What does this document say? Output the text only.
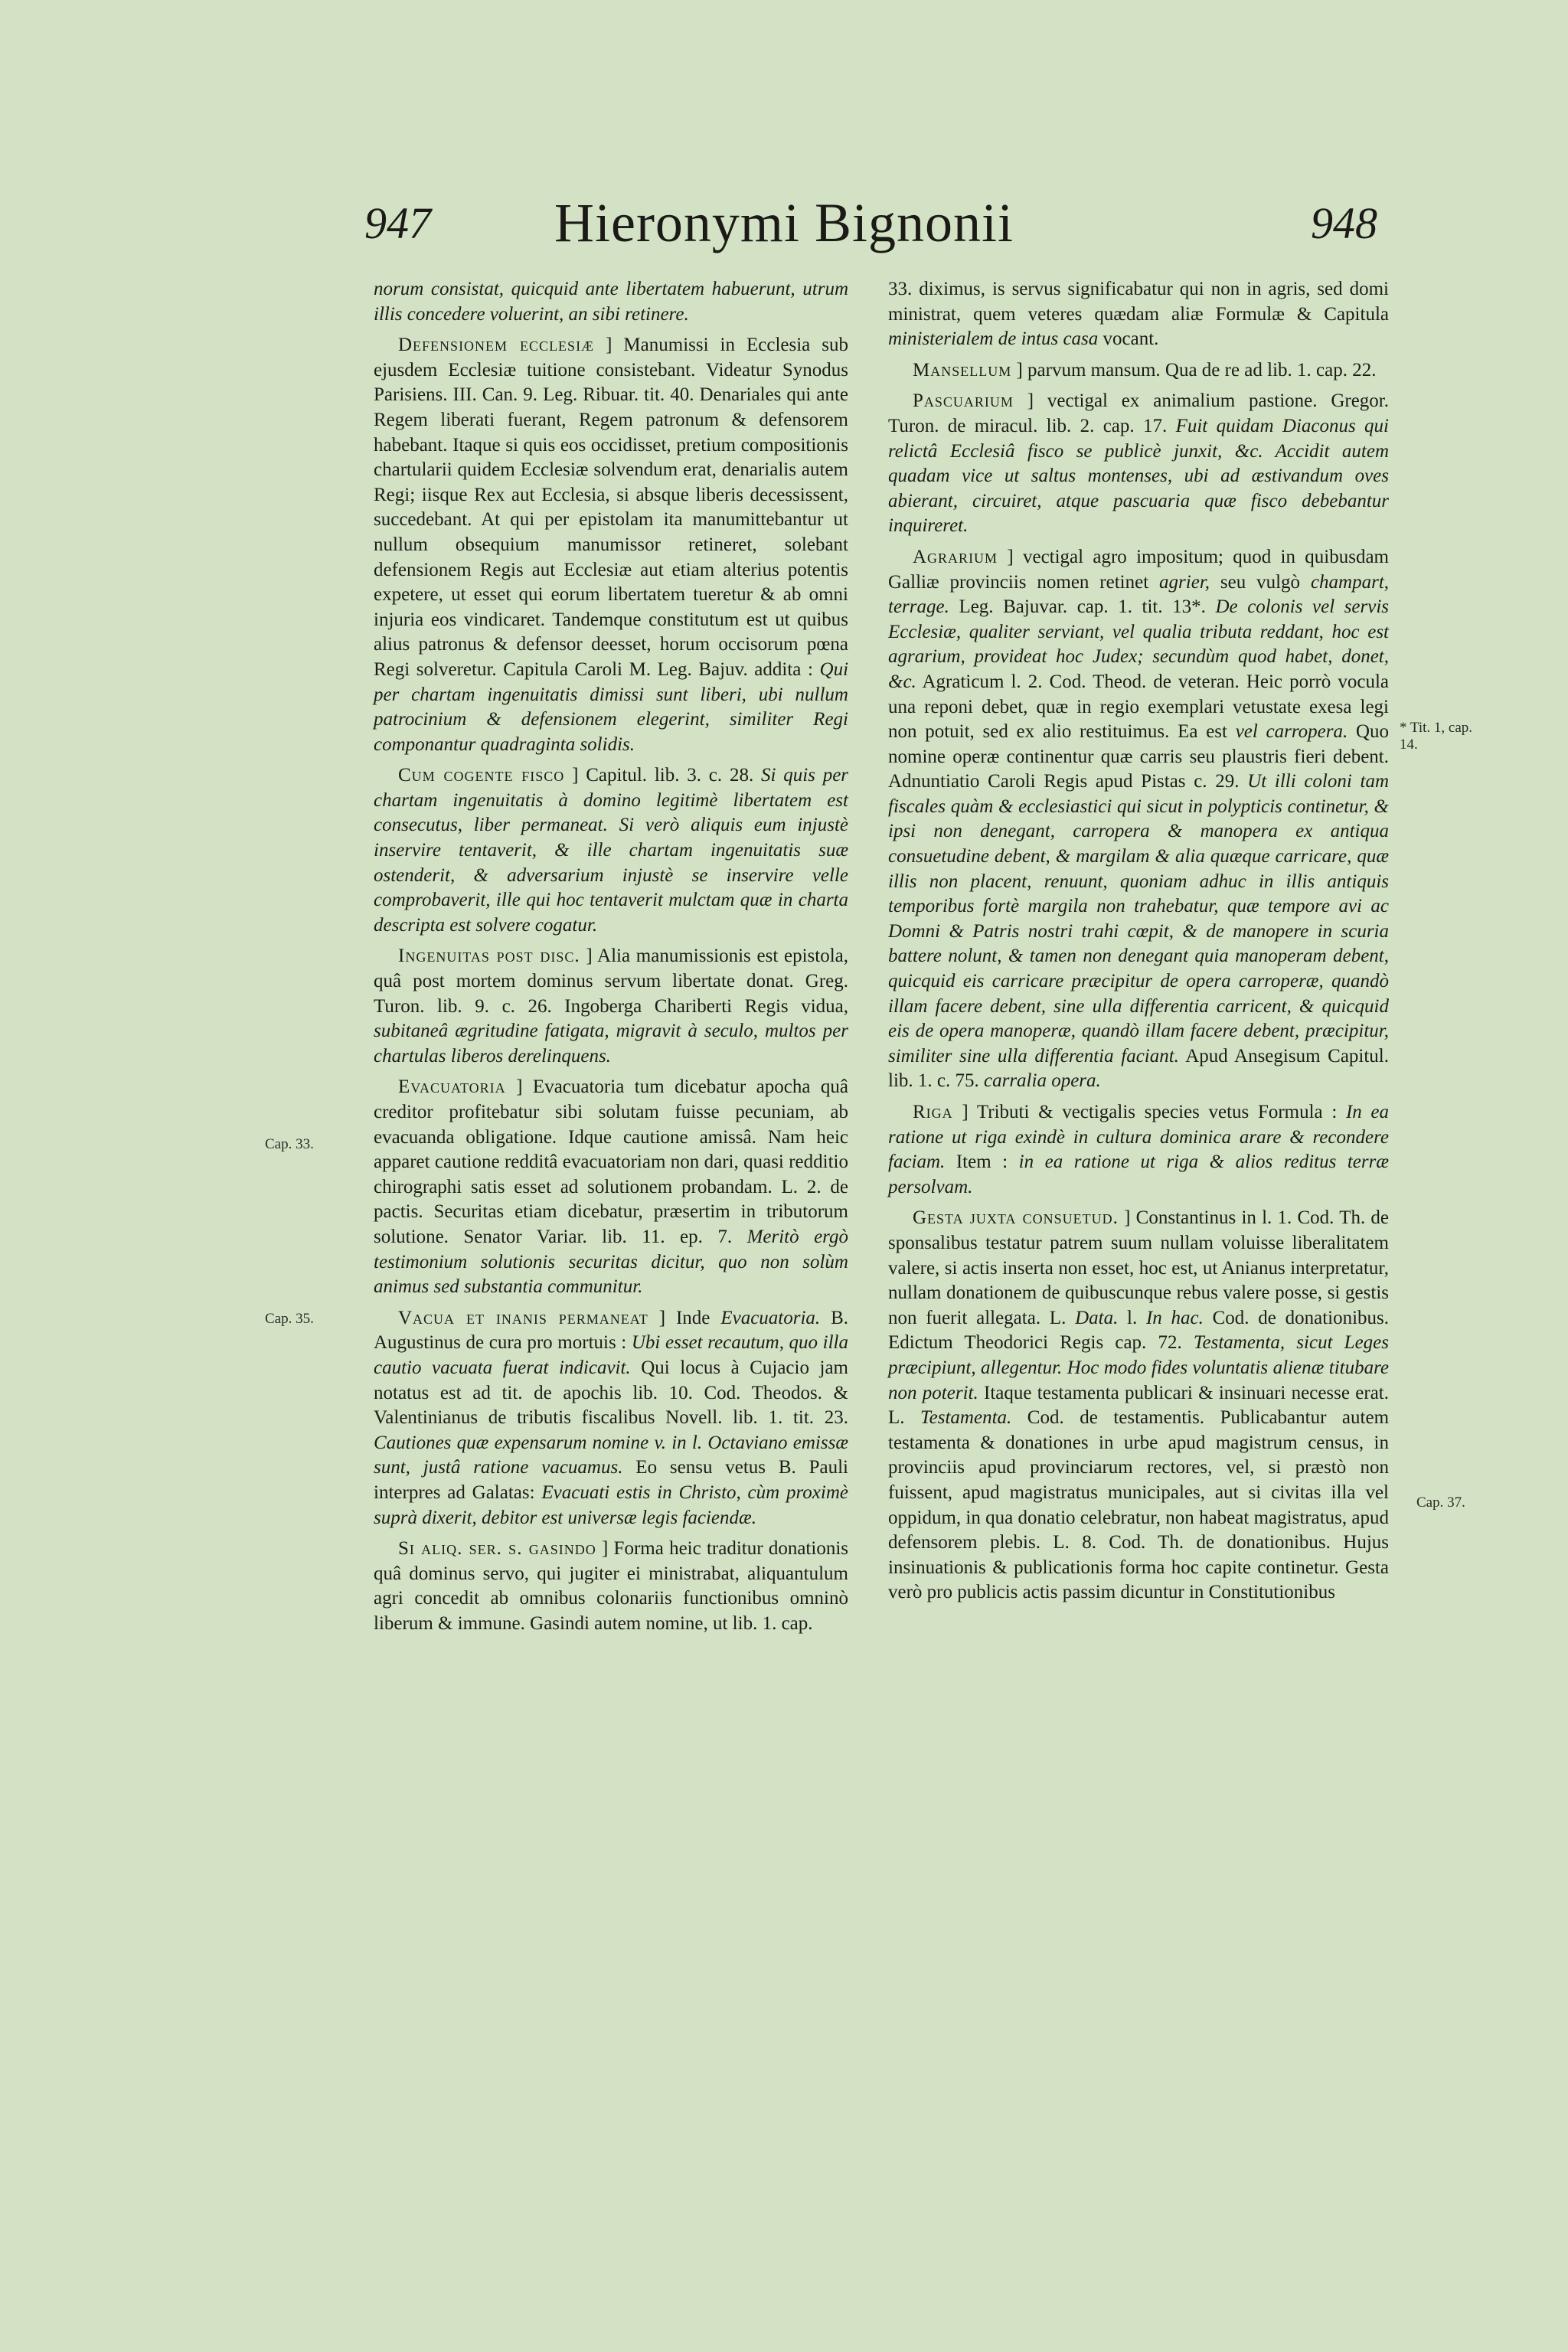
947	Hieronymi Bignonii	948
Cap. 33.
Cap. 35.
* Tit. 1, cap. 14.
Cap. 37.

norum consistat, quicquid ante libertatem habuerunt, utrum illis concedere voluerint, an sibi retinere.

Defensionem ecclesiæ ] Manumissi in Ecclesia sub ejusdem Ecclesiæ tuitione consistebant. Videatur Synodus Parisiens. III. Can. 9. Leg. Ribuar. tit. 40. Denariales qui ante Regem liberati fuerant, Regem patronum & defensorem habebant. Itaque si quis eos occidisset, pretium compositionis chartularii quidem Ecclesiæ solvendum erat, denarialis autem Regi; iisque Rex aut Ecclesia, si absque liberis decessissent, succedebant. At qui per epistolam ita manumittebantur ut nullum obsequium manumissor retineret, solebant defensionem Regis aut Ecclesiæ aut etiam alterius potentis expetere, ut esset qui eorum libertatem tueretur & ab omni injuria eos vindicaret. Tandemque constitutum est ut quibus alius patronus & defensor deesset, horum occisorum pœna Regi solveretur. Capitula Caroli M. Leg. Bajuv. addita : Qui per chartam ingenuitatis dimissi sunt liberi, ubi nullum patrocinium & defensionem elegerint, similiter Regi componantur quadraginta solidis.

Cum cogente fisco ] Capitul. lib. 3. c. 28. Si quis per chartam ingenuitatis à domino legitimè libertatem est consecutus, liber permaneat. Si verò aliquis eum injustè inservire tentaverit, & ille chartam ingenuitatis suæ ostenderit, & adversarium injustè se inservire velle comprobaverit, ille qui hoc tentaverit mulctam quæ in charta descripta est solvere cogatur.

Ingenuitas post disc. ] Alia manumissionis est epistola, quâ post mortem dominus servum libertate donat. Greg. Turon. lib. 9. c. 26. Ingoberga Chariberti Regis vidua, subitaneâ ægritudine fatigata, migravit à seculo, multos per chartulas liberos derelinquens.

Evacuatoria ] Evacuatoria tum dicebatur apocha quâ creditor profitebatur sibi solutam fuisse pecuniam, ab evacuanda obligatione. Idque cautione amissâ. Nam heic apparet cautione redditâ evacuatoriam non dari, quasi redditio chirographi satis esset ad solutionem probandam. L. 2. de pactis. Securitas etiam dicebatur, præsertim in tributorum solutione. Senator Variar. lib. 11. ep. 7. Meritò ergò testimonium solutionis securitas dicitur, quo non solùm animus sed substantia communitur.

Vacua et inanis permaneat ] Inde Evacuatoria. B. Augustinus de cura pro mortuis : Ubi esset recautum, quo illa cautio vacuata fuerat indicavit. Qui locus à Cujacio jam notatus est ad tit. de apochis lib. 10. Cod. Theodos. & Valentinianus de tributis fiscalibus Novell. lib. 1. tit. 23. Cautiones quæ expensarum nomine v. in l. Octaviano emissæ sunt, justâ ratione vacuamus. Eo sensu vetus B. Pauli interpres ad Galatas: Evacuati estis in Christo, cùm proximè suprà dixerit, debitor est universæ legis faciendæ.

Si aliq. ser. s. gasindo ] Forma heic traditur donationis quâ dominus servo, qui jugiter ei ministrabat, aliquantulum agri concedit ab omnibus colonariis functionibus omninò liberum & immune. Gasindi autem nomine, ut lib. 1. cap.

33. diximus, is servus significabatur qui non in agris, sed domi ministrat, quem veteres quædam aliæ Formulæ & Capitula ministerialem de intus casa vocant.

Mansellum ] parvum mansum. Qua de re ad lib. 1. cap. 22.

Pascuarium ] vectigal ex animalium pastione. Gregor. Turon. de miracul. lib. 2. cap. 17. Fuit quidam Diaconus qui relictâ Ecclesiâ fisco se publicè junxit, &c. Accidit autem quadam vice ut saltus montenses, ubi ad æstivandum oves abierant, circuiret, atque pascuaria quæ fisco debebantur inquireret.

Agrarium ] vectigal agro impositum; quod in quibusdam Galliæ provinciis nomen retinet agrier, seu vulgò champart, terrage. Leg. Bajuvar. cap. 1. tit. 13*. De colonis vel servis Ecclesiæ, qualiter serviant, vel qualia tributa reddant, hoc est agrarium, provideat hoc Judex; secundùm quod habet, donet, &c. Agraticum l. 2. Cod. Theod. de veteran. Heic porrò vocula una reponi debet, quæ in regio exemplari vetustate exesa legi non potuit, sed ex alio restituimus. Ea est vel carropera. Quo nomine operæ continentur quæ carris seu plaustris fieri debent. Adnuntiatio Caroli Regis apud Pistas c. 29. Ut illi coloni tam fiscales quàm & ecclesiastici qui sicut in polypticis continetur, & ipsi non denegant, carropera & manopera ex antiqua consuetudine debent, & margilam & alia quæque carricare, quæ illis non placent, renuunt, quoniam adhuc in illis antiquis temporibus fortè margila non trahebatur, quæ tempore avi ac Domni & Patris nostri trahi cœpit, & de manopere in scuria battere nolunt, & tamen non denegant quia manoperam debent, quicquid eis carricare præcipitur de opera carroperæ, quandò illam facere debent, sine ulla differentia carricent, & quicquid eis de opera manoperæ, quandò illam facere debent, præcipitur, similiter sine ulla differentia faciant. Apud Ansegisum Capitul. lib. 1. c. 75. carralia opera.

Riga ] Tributi & vectigalis species vetus Formula : In ea ratione ut riga exindè in cultura dominica arare & recondere faciam. Item : in ea ratione ut riga & alios reditus terræ persolvam.

Gesta juxta consuetud. ] Constantinus in l. 1. Cod. Th. de sponsalibus testatur patrem suum nullam voluisse liberalitatem valere, si actis inserta non esset, hoc est, ut Anianus interpretatur, nullam donationem de quibuscunque rebus valere posse, si gestis non fuerit allegata. L. Data. l. In hac. Cod. de donationibus. Edictum Theodorici Regis cap. 72. Testamenta, sicut Leges præcipiunt, allegentur. Hoc modo fides voluntatis alienæ titubare non poterit. Itaque testamenta publicari & insinuari necesse erat. L. Testamenta. Cod. de testamentis. Publicabantur autem testamenta & donationes in urbe apud magistrum census, in provinciis apud provinciarum rectores, vel, si præstò non fuissent, apud magistratus municipales, aut si civitas illa vel oppidum, in qua donatio celebratur, non habeat magistratus, apud defensorem plebis. L. 8. Cod. Th. de donationibus. Hujus insinuationis & publicationis forma hoc capite continetur. Gesta verò pro publicis actis passim dicuntur in Constitutionibus
